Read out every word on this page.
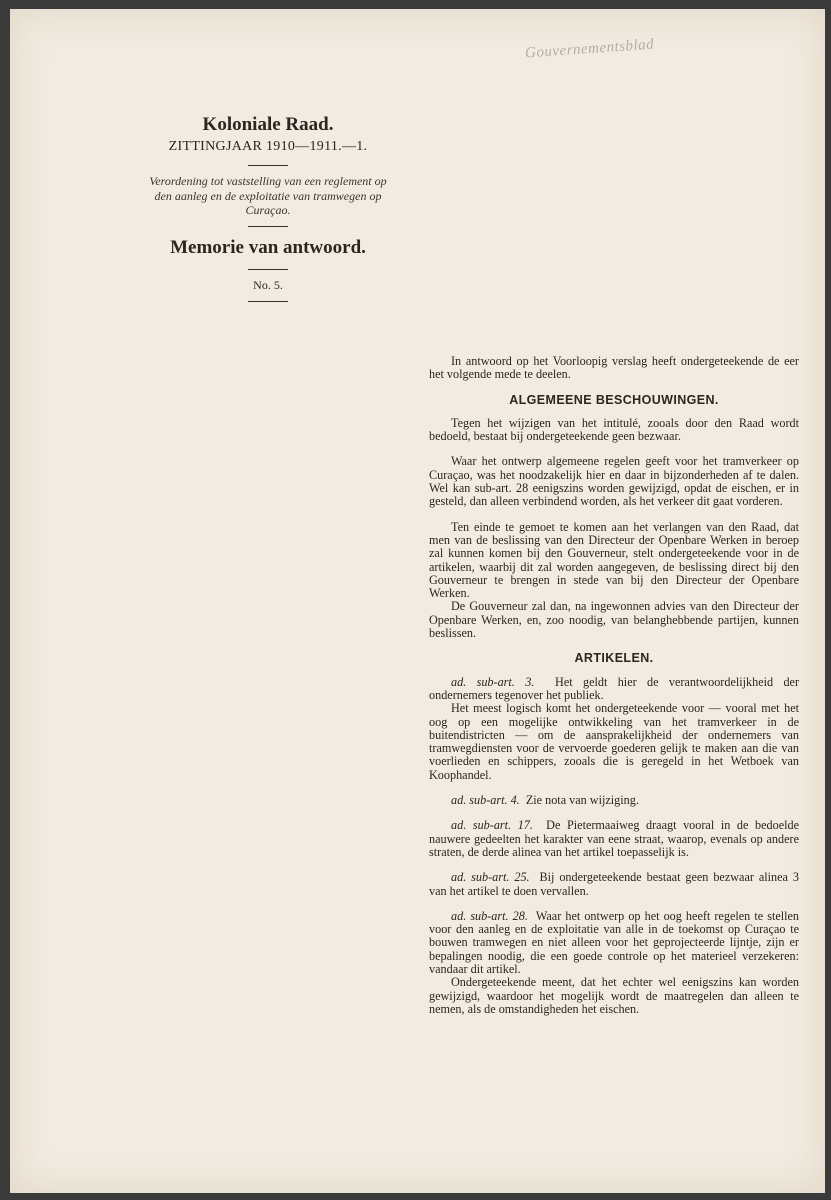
Gouvernementsblad

Koloniale Raad.

ZITTINGJAAR 1910—1911.—1.

Verordening tot vaststelling van een reglement op den aanleg en de exploitatie van tramwegen op Curaçao.

Memorie van antwoord.

No. 5.

In antwoord op het Voorloopig verslag heeft ondergeteekende de eer het volgende mede te deelen.

ALGEMEENE BESCHOUWINGEN.

Tegen het wijzigen van het intitulé, zooals door den Raad wordt bedoeld, bestaat bij ondergeteekende geen bezwaar.

Waar het ontwerp algemeene regelen geeft voor het tramverkeer op Curaçao, was het noodzakelijk hier en daar in bijzonderheden af te dalen. Wel kan sub-art. 28 eenigszins worden gewijzigd, opdat de eischen, er in gesteld, dan alleen verbindend worden, als het verkeer dit gaat vorderen.

Ten einde te gemoet te komen aan het verlangen van den Raad, dat men van de beslissing van den Directeur der Openbare Werken in beroep zal kunnen komen bij den Gouverneur, stelt ondergeteekende voor in de artikelen, waarbij dit zal worden aangegeven, de beslissing direct bij den Gouverneur te brengen in stede van bij den Directeur der Openbare Werken.

De Gouverneur zal dan, na ingewonnen advies van den Directeur der Openbare Werken, en, zoo noodig, van belanghebbende partijen, kunnen beslissen.

ARTIKELEN.

ad. sub-art. 3. Het geldt hier de verantwoordelijkheid der ondernemers tegenover het publiek.

Het meest logisch komt het ondergeteekende voor — vooral met het oog op een mogelijke ontwikkeling van het tramverkeer in de buitendistricten — om de aansprakelijkheid der ondernemers van tramwegdiensten voor de vervoerde goederen gelijk te maken aan die van voerlieden en schippers, zooals die is geregeld in het Wetboek van Koophandel.

ad. sub-art. 4. Zie nota van wijziging.

ad. sub-art. 17. De Pietermaaiweg draagt vooral in de bedoelde nauwere gedeelten het karakter van eene straat, waarop, evenals op andere straten, de derde alinea van het artikel toepasselijk is.

ad. sub-art. 25. Bij ondergeteekende bestaat geen bezwaar alinea 3 van het artikel te doen vervallen.

ad. sub-art. 28. Waar het ontwerp op het oog heeft regelen te stellen voor den aanleg en de exploitatie van alle in de toekomst op Curaçao te bouwen tramwegen en niet alleen voor het geprojecteerde lijntje, zijn er bepalingen noodig, die een goede controle op het materieel verzekeren: vandaar dit artikel.

Ondergeteekende meent, dat het echter wel eenigszins kan worden gewijzigd, waardoor het mogelijk wordt de maatregelen dan alleen te nemen, als de omstandigheden het eischen.
